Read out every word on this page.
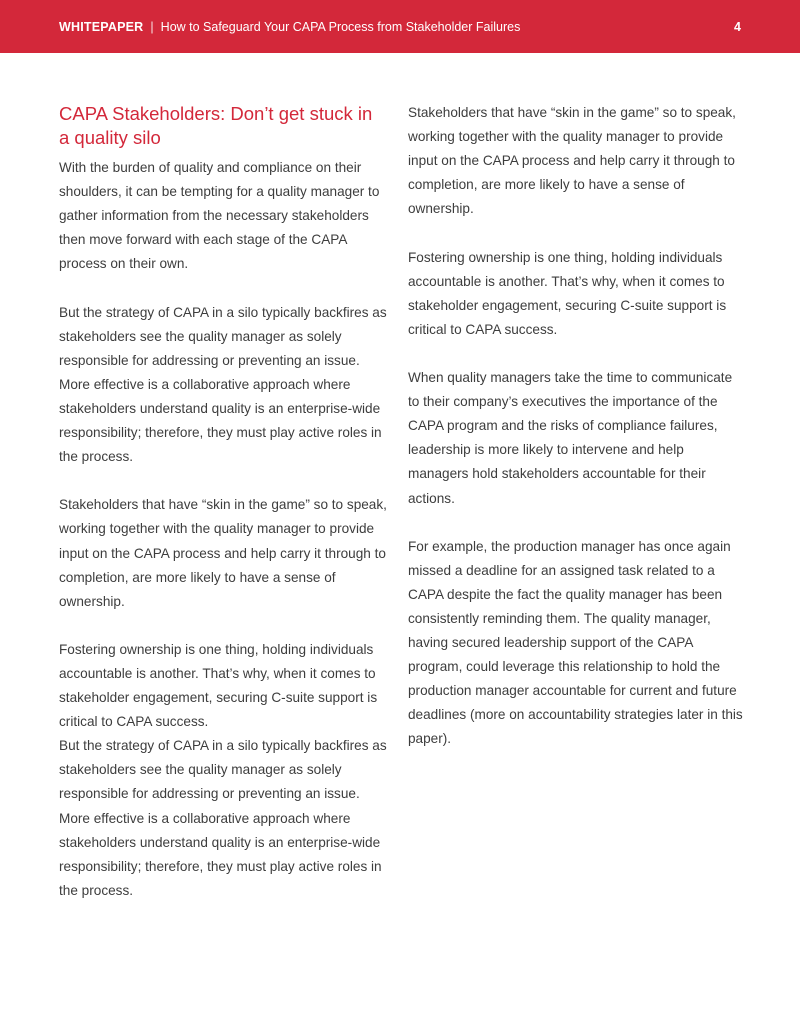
WHITEPAPER | How to Safeguard Your CAPA Process from Stakeholder Failures	4
CAPA Stakeholders: Don’t get stuck in
a quality silo

With the burden of quality and compliance on their shoulders, it can be tempting for a quality manager to gather information from the necessary stakeholders then move forward with each stage of the CAPA process on their own.

But the strategy of CAPA in a silo typically backfires as stakeholders see the quality manager as solely responsible for addressing or preventing an issue. More effective is a collaborative approach where stakeholders understand quality is an enterprise-wide responsibility; therefore, they must play active roles in the process.

Stakeholders that have “skin in the game” so to speak, working together with the quality manager to provide input on the CAPA process and help carry it through to completion, are more likely to have a sense of ownership.

Fostering ownership is one thing, holding individuals accountable is another. That’s why, when it comes to stakeholder engagement, securing C-suite support is critical to CAPA success.

But the strategy of CAPA in a silo typically backfires as stakeholders see the quality manager as solely responsible for addressing or preventing an issue. More effective is a collaborative approach where stakeholders understand quality is an enterprise-wide responsibility; therefore, they must play active roles in the process.

Stakeholders that have “skin in the game” so to speak, working together with the quality manager to provide input on the CAPA process and help carry it through to completion, are more likely to have a sense of ownership.

Fostering ownership is one thing, holding individuals accountable is another. That’s why, when it comes to stakeholder engagement, securing C-suite support is critical to CAPA success.

When quality managers take the time to communicate to their company’s executives the importance of the CAPA program and the risks of compliance failures, leadership is more likely to intervene and help managers hold stakeholders accountable for their actions.

For example, the production manager has once again missed a deadline for an assigned task related to a CAPA despite the fact the quality manager has been consistently reminding them. The quality manager, having secured leadership support of the CAPA program, could leverage this relationship to hold the production manager accountable for current and future deadlines (more on accountability strategies later in this paper).
